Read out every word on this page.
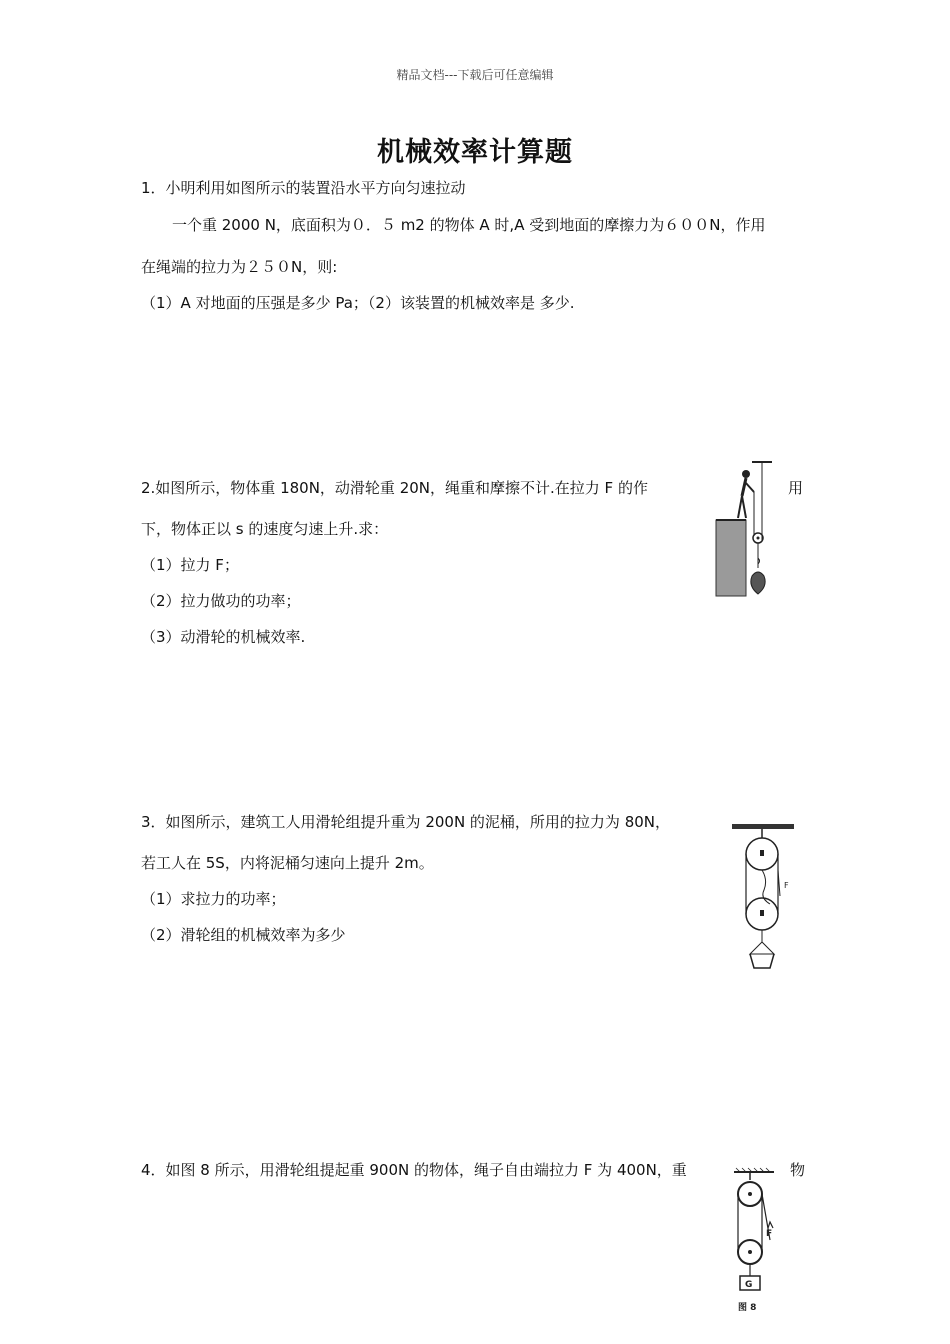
精品文档---下载后可任意编辑
机械效率计算题
1．小明利用如图所示的装置沿水平方向匀速拉动
一个重 2000 N，底面积为０．５ m2 的物体 A 时,A 受到地面的摩擦力为６００N，作用
在绳端的拉力为２５０N，则:
（1）A 对地面的压强是多少 Pa；（2）该装置的机械效率是 多少.
2.如图所示，物体重 180N，动滑轮重 20N，绳重和摩擦不计.在拉力 F 的作	用
下，物体正以 s 的速度匀速上升.求：
（1）拉力 F；
（2）拉力做功的功率；
（3）动滑轮的机械效率.
3．如图所示，建筑工人用滑轮组提升重为 200N 的泥桶，所用的拉力为 80N，
若工人在 5S，内将泥桶匀速向上提升 2m。
（1）求拉力的功率；
（2）滑轮组的机械效率为多少
F
4．如图 8 所示，用滑轮组提起重 900N 的物体，绳子自由端拉力 F 为 400N，重	物
F
G
图 8
